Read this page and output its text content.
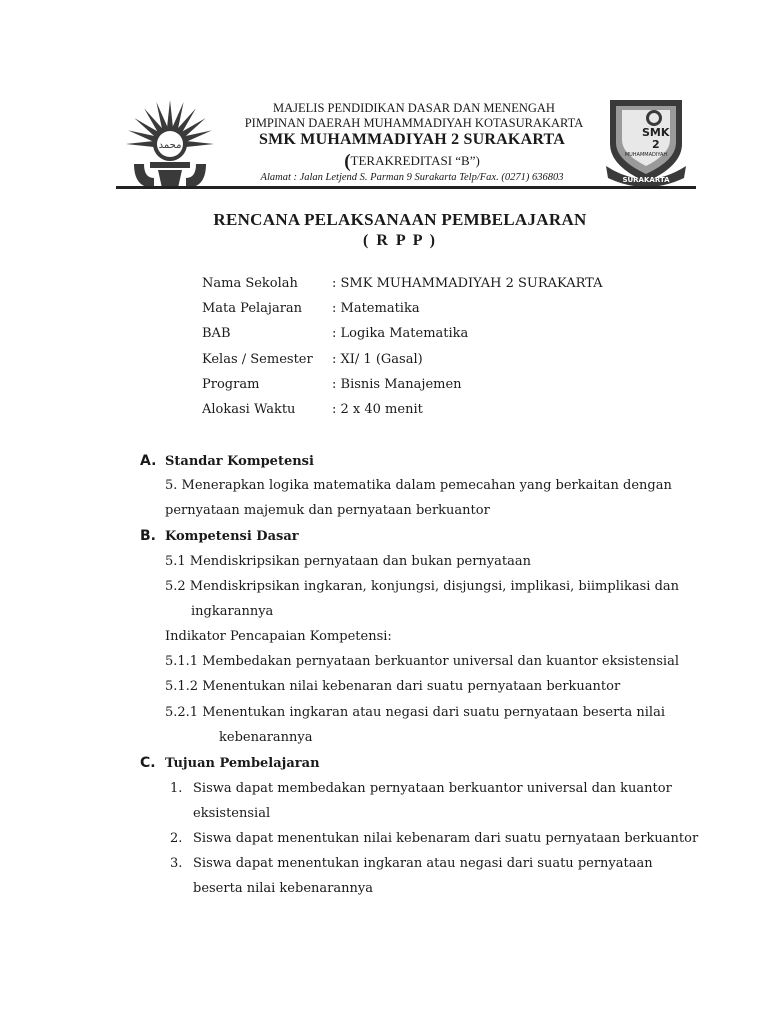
محمد
SMK
2
MUHAMMADIYAH
SURAKARTA
MAJELIS PENDIDIKAN DASAR DAN MENENGAH
PIMPINAN DAERAH MUHAMMADIYAH KOTASURAKARTA
SMK MUHAMMADIYAH 2 SURAKARTA
(TERAKREDITASI “B”)
Alamat : Jalan Letjend S. Parman 9 Surakarta Telp/Fax. (0271) 636803
RENCANA PELAKSANAAN PEMBELAJARAN
( R P P )
Nama Sekolah	: SMK MUHAMMADIYAH 2 SURAKARTA
Mata Pelajaran	: Matematika
BAB	: Logika Matematika
Kelas / Semester	: XI/ 1 (Gasal)
Program	: Bisnis Manajemen
Alokasi Waktu	: 2 x 40 menit
A. Standar Kompetensi
5. Menerapkan logika matematika dalam pemecahan yang berkaitan dengan
pernyataan majemuk dan pernyataan berkuantor
B. Kompetensi Dasar
5.1 Mendiskripsikan pernyataan dan bukan pernyataan
5.2 Mendiskripsikan ingkaran, konjungsi, disjungsi, implikasi, biimplikasi dan
ingkarannya
Indikator Pencapaian Kompetensi:
5.1.1 Membedakan pernyataan berkuantor universal dan kuantor eksistensial
5.1.2 Menentukan nilai kebenaran dari suatu pernyataan berkuantor
5.2.1 Menentukan ingkaran atau negasi dari suatu pernyataan beserta nilai
kebenarannya
C. Tujuan Pembelajaran
1. Siswa dapat membedakan pernyataan berkuantor universal dan kuantor
eksistensial
2. Siswa dapat menentukan nilai kebenaram dari suatu pernyataan berkuantor
3. Siswa dapat menentukan ingkaran atau negasi dari suatu pernyataan
beserta nilai kebenarannya
